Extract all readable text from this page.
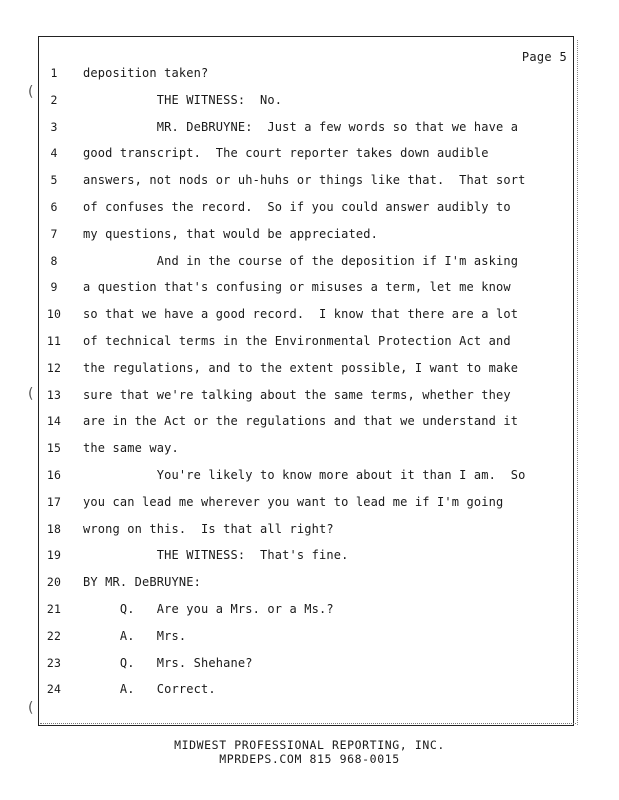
(
(
(
Page 5
1	deposition taken?
2	THE WITNESS:  No.
3	MR. DeBRUYNE:  Just a few words so that we have a
4	good transcript.  The court reporter takes down audible
5	answers, not nods or uh-huhs or things like that.  That sort
6	of confuses the record.  So if you could answer audibly to
7	my questions, that would be appreciated.
8	And in the course of the deposition if I'm asking
9	a question that's confusing or misuses a term, let me know
10	so that we have a good record.  I know that there are a lot
11	of technical terms in the Environmental Protection Act and
12	the regulations, and to the extent possible, I want to make
13	sure that we're talking about the same terms, whether they
14	are in the Act or the regulations and that we understand it
15	the same way.
16	You're likely to know more about it than I am.  So
17	you can lead me wherever you want to lead me if I'm going
18	wrong on this.  Is that all right?
19	THE WITNESS:  That's fine.
20	BY MR. DeBRUYNE:
21	Q.   Are you a Mrs. or a Ms.?
22	A.   Mrs.
23	Q.   Mrs. Shehane?
24	A.   Correct.
MIDWEST PROFESSIONAL REPORTING, INC.
MPRDEPS.COM 815 968-0015
